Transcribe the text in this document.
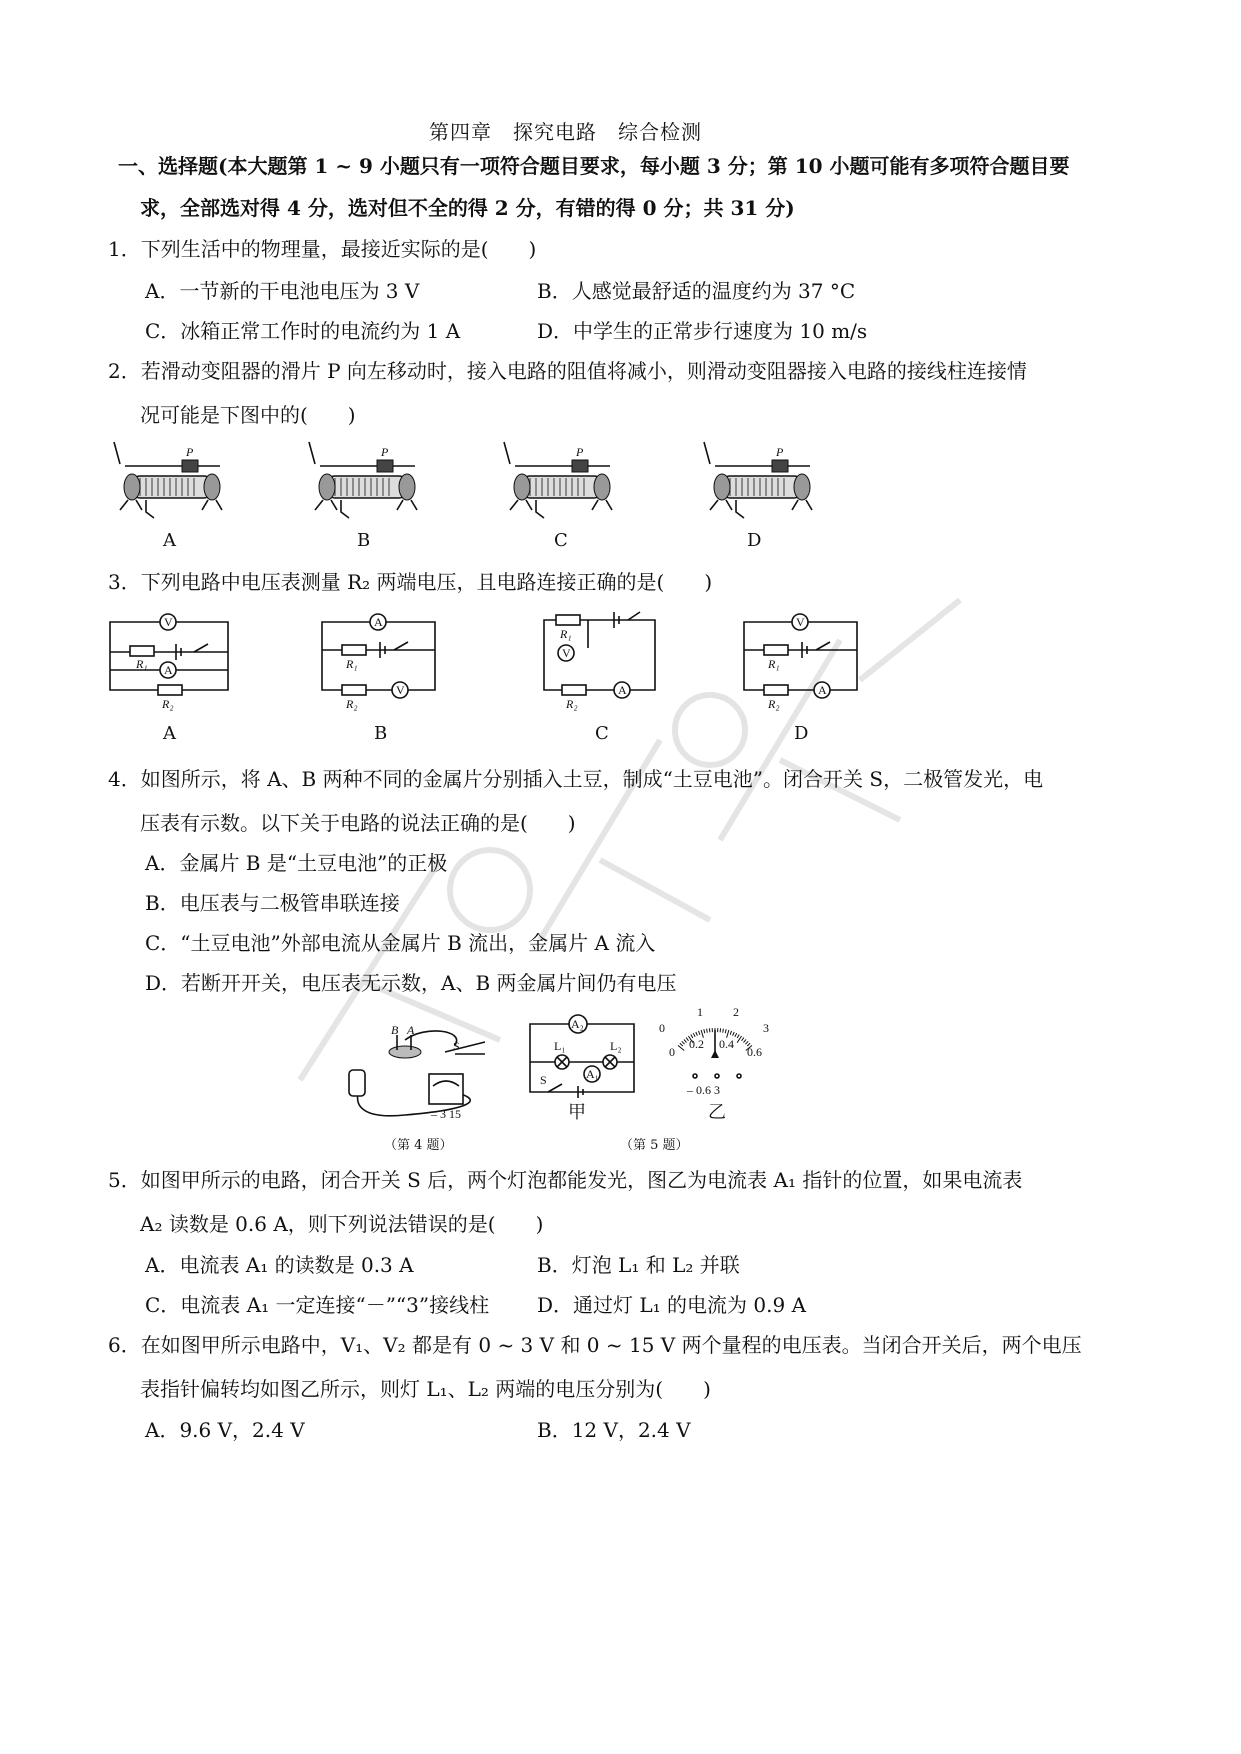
第四章　探究电路　综合检测
一、选择题(本大题第 1 ~ 9 小题只有一项符合题目要求，每小题 3 分；第 10 小题可能有多项符合题目要
求，全部选对得 4 分，选对但不全的得 2 分，有错的得 0 分；共 31 分)
1．下列生活中的物理量，最接近实际的是(　　)
A．一节新的干电池电压为 3 V	B．人感觉最舒适的温度约为 37 °C
C．冰箱正常工作时的电流约为 1 A	D．中学生的正常步行速度为 10 m/s
2．若滑动变阻器的滑片 P 向左移动时，接入电路的阻值将减小，则滑动变阻器接入电路的接线柱连接情
况可能是下图中的(　　)
P	P	P	P
A	B	C	D
3．下列电路中电压表测量 R₂ 两端电压，且电路连接正确的是(　　)
V
A
R₁
R₂
A
R₁
R₂
V
R₁
V
R₂
A
V
R₁
R₂
A
A	B	C	D
4．如图所示，将 A、B 两种不同的金属片分别插入土豆，制成“土豆电池”。闭合开关 S，二极管发光，电
压表有示数。以下关于电路的说法正确的是(　　)
A．金属片 B 是“土豆电池”的正极
B．电压表与二极管串联连接
C．“土豆电池”外部电流从金属片 B 流出，金属片 A 流入
D．若断开开关，电压表无示数，A、B 两金属片间仍有电压
B A
S
– 3 15
（第 4 题）
A₂
L₁	L₂
A₁
S
甲
0
1	2
3
0
0.2 0.4
0.6
– 0.6 3
乙
（第 5 题）
5．如图甲所示的电路，闭合开关 S 后，两个灯泡都能发光，图乙为电流表 A₁ 指针的位置，如果电流表
A₂ 读数是 0.6 A，则下列说法错误的是(　　)
A．电流表 A₁ 的读数是 0.3 A	B．灯泡 L₁ 和 L₂ 并联
C．电流表 A₁ 一定连接“－”“3”接线柱 D．通过灯 L₁ 的电流为 0.9 A
6．在如图甲所示电路中，V₁、V₂ 都是有 0 ~ 3 V 和 0 ~ 15 V 两个量程的电压表。当闭合开关后，两个电压
表指针偏转均如图乙所示，则灯 L₁、L₂ 两端的电压分别为(　　)
A．9.6 V，2.4 V	B．12 V，2.4 V
